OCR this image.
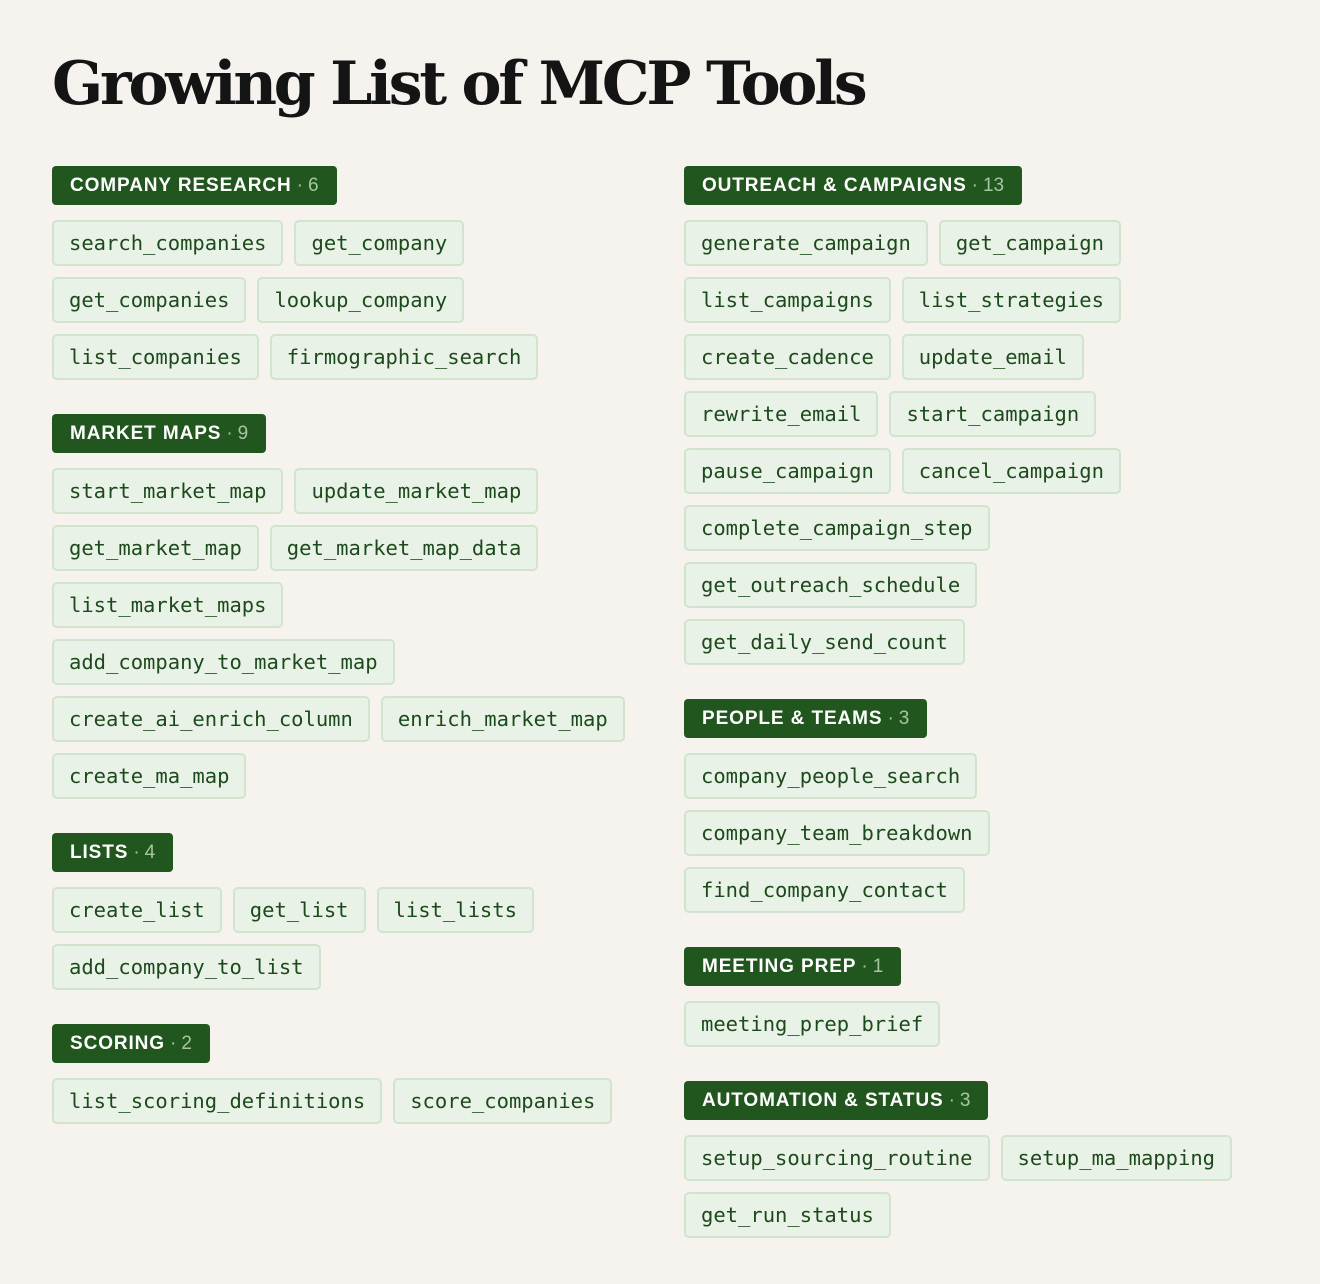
Growing List of MCP Tools
COMPANY RESEARCH · 6
search_companies	get_company
get_companies	lookup_company
list_companies	firmographic_search
MARKET MAPS · 9
start_market_map	update_market_map
get_market_map	get_market_map_data
list_market_maps
add_company_to_market_map
create_ai_enrich_column	enrich_market_map
create_ma_map
LISTS · 4
create_list	get_list	list_lists
add_company_to_list
SCORING · 2
list_scoring_definitions	score_companies
OUTREACH & CAMPAIGNS · 13
generate_campaign	get_campaign
list_campaigns	list_strategies
create_cadence	update_email
rewrite_email	start_campaign
pause_campaign	cancel_campaign
complete_campaign_step
get_outreach_schedule
get_daily_send_count
PEOPLE & TEAMS · 3
company_people_search
company_team_breakdown
find_company_contact
MEETING PREP · 1
meeting_prep_brief
AUTOMATION & STATUS · 3
setup_sourcing_routine	setup_ma_mapping
get_run_status
